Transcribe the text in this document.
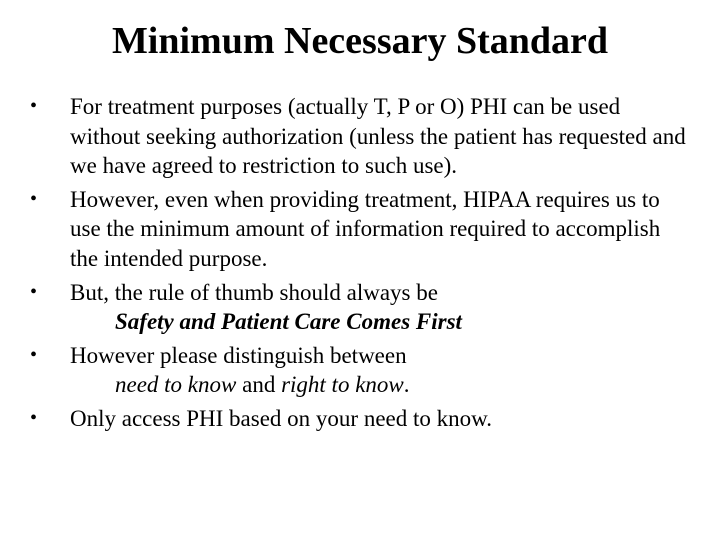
Minimum Necessary Standard
•	For treatment purposes (actually T, P or O) PHI can be used without seeking authorization (unless the patient has requested and we have agreed to restriction to such use).
•	However, even when providing treatment, HIPAA requires us to use the minimum amount of information required to accomplish the intended purpose.
•	But, the rule of thumb should always be
Safety and Patient Care Comes First
•	However please distinguish between
need to know and right to know.
•	Only access PHI based on your need to know.
